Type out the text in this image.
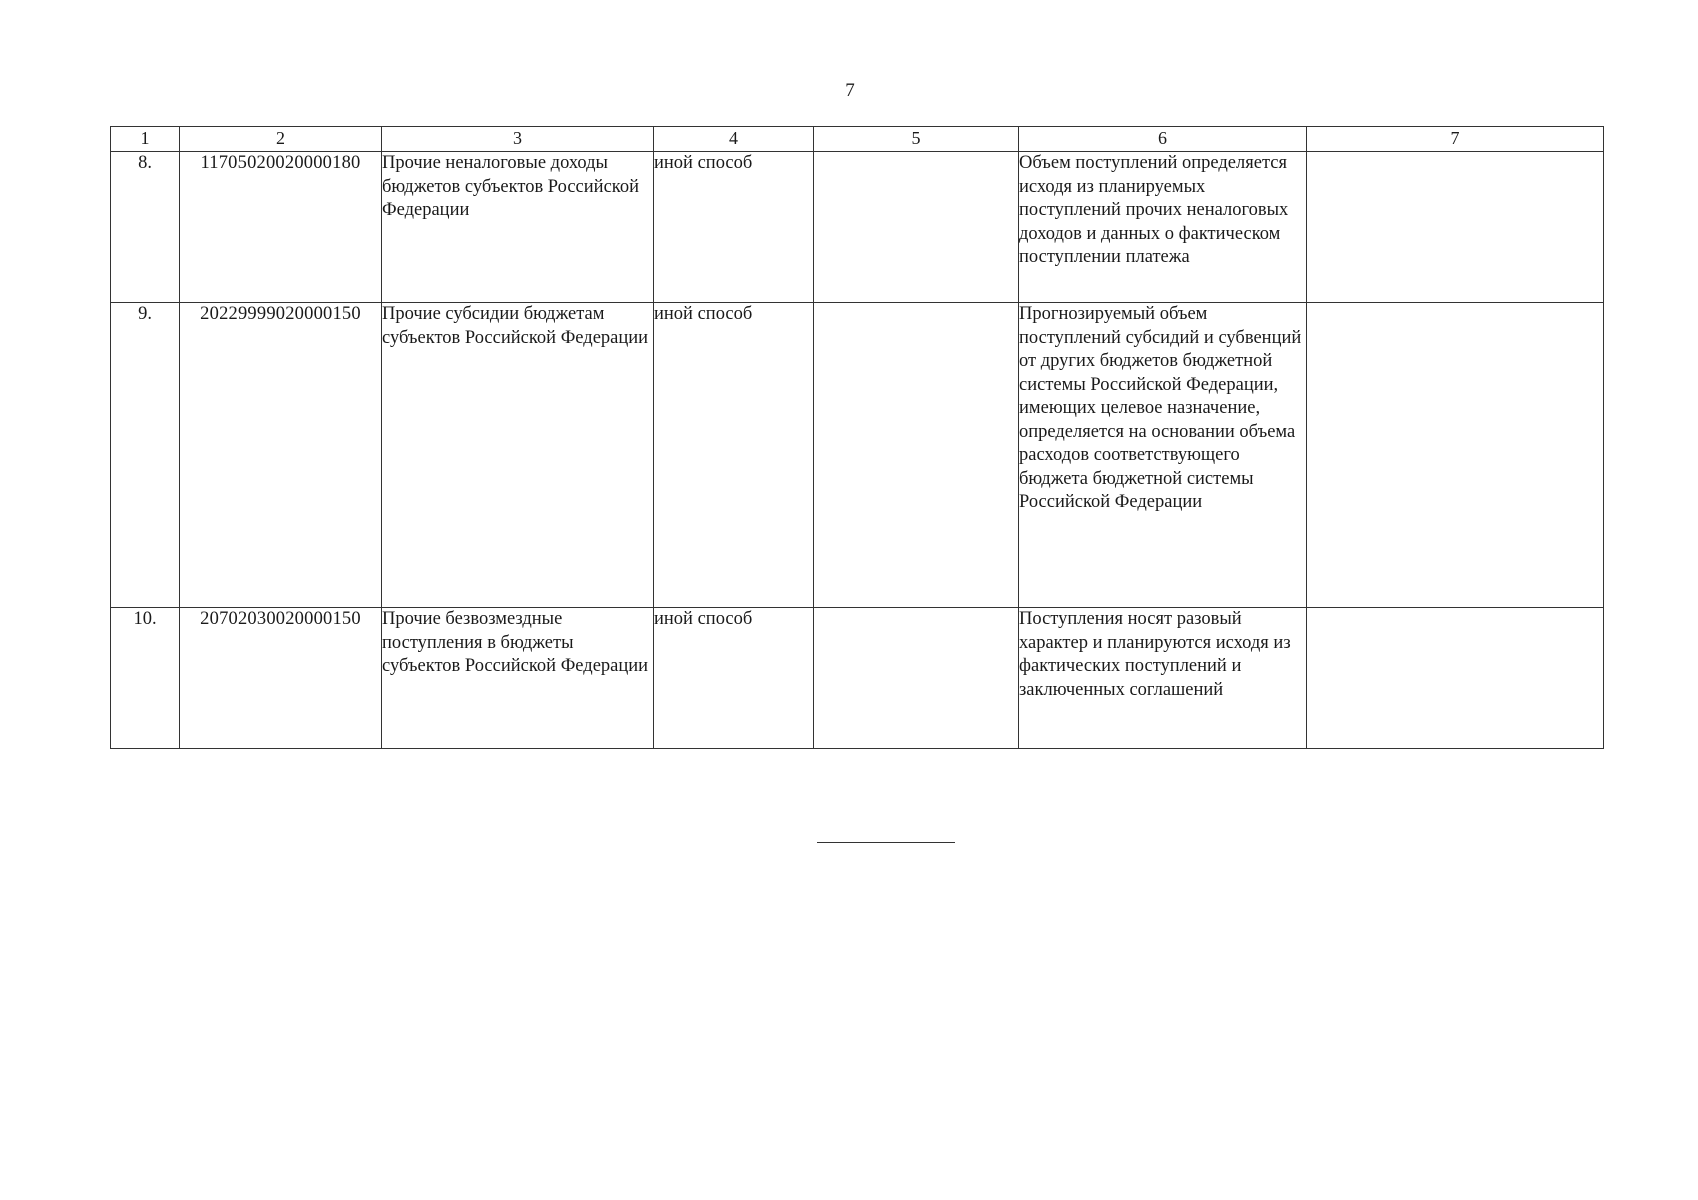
7
1	2	3	4	5	6	7
8.	11705020020000180	Прочие неналоговые доходы бюджетов субъектов Российской Федерации	иной способ		Объем поступлений определяется исходя из планируемых поступлений прочих неналоговых доходов и данных о фактическом поступлении платежа	
9.	20229999020000150	Прочие субсидии бюджетам субъектов Российской Федерации	иной способ		Прогнозируемый объем поступлений субсидий и субвенций от других бюджетов бюджетной системы Российской Федерации, имеющих целевое назначение, определяется на основании объема расходов соответствующего бюджета бюджетной системы Российской Федерации	
10.	20702030020000150	Прочие безвозмездные поступления в бюджеты субъектов Российской Федерации	иной способ		Поступления носят разовый характер и планируются исходя из фактических поступлений и заключенных соглашений	
